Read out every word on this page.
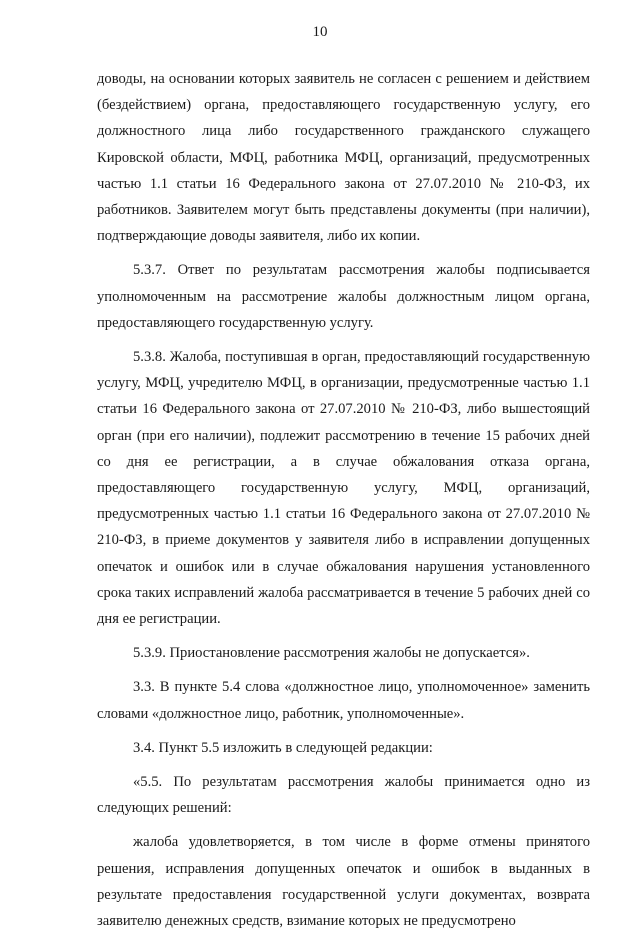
10

доводы, на основании которых заявитель не согласен с решением и действием (бездействием) органа, предоставляющего государственную услугу, его должностного лица либо государственного гражданского служащего Кировской области, МФЦ, работника МФЦ, организаций, предусмотренных частью 1.1 статьи 16 Федерального закона от 27.07.2010 № 210-ФЗ, их работников. Заявителем могут быть представлены документы (при наличии), подтверждающие доводы заявителя, либо их копии.

5.3.7. Ответ по результатам рассмотрения жалобы подписывается уполномоченным на рассмотрение жалобы должностным лицом органа, предоставляющего государственную услугу.

5.3.8. Жалоба, поступившая в орган, предоставляющий государственную услугу, МФЦ, учредителю МФЦ, в организации, предусмотренные частью 1.1 статьи 16 Федерального закона от 27.07.2010 № 210-ФЗ, либо вышестоящий орган (при его наличии), подлежит рассмотрению в течение 15 рабочих дней со дня ее регистрации, а в случае обжалования отказа органа, предоставляющего государственную услугу, МФЦ, организаций, предусмотренных частью 1.1 статьи 16 Федерального закона от 27.07.2010 № 210-ФЗ, в приеме документов у заявителя либо в исправлении допущенных опечаток и ошибок или в случае обжалования нарушения установленного срока таких исправлений жалоба рассматривается в течение 5 рабочих дней со дня ее регистрации.

5.3.9. Приостановление рассмотрения жалобы не допускается».

3.3. В пункте 5.4 слова «должностное лицо, уполномоченное» заменить словами «должностное лицо, работник, уполномоченные».

3.4. Пункт 5.5 изложить в следующей редакции:

«5.5. По результатам рассмотрения жалобы принимается одно из следующих решений:

жалоба удовлетворяется, в том числе в форме отмены принятого решения, исправления допущенных опечаток и ошибок в выданных в результате предоставления государственной услуги документах, возврата заявителю денежных средств, взимание которых не предусмотрено
